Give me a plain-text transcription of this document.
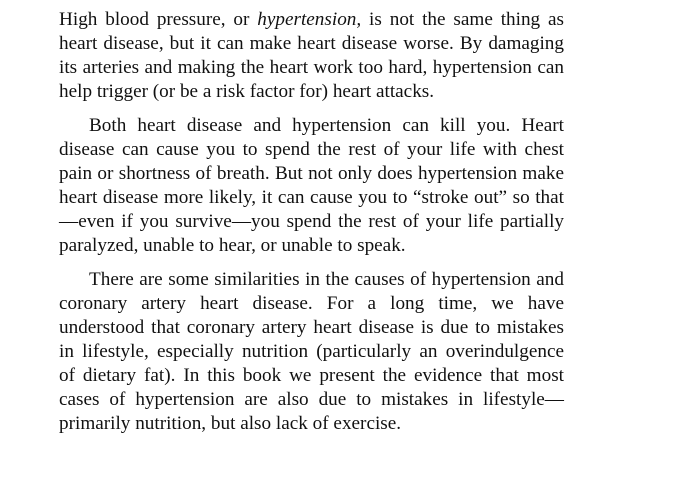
High blood pressure, or hypertension, is not the same thing as heart disease, but it can make heart disease worse. By damaging its arteries and making the heart work too hard, hypertension can help trigger (or be a risk factor for) heart attacks.

Both heart disease and hypertension can kill you. Heart disease can cause you to spend the rest of your life with chest pain or shortness of breath. But not only does hypertension make heart disease more likely, it can cause you to “stroke out” so that—even if you survive—you spend the rest of your life partially paralyzed, unable to hear, or unable to speak.

There are some similarities in the causes of hypertension and coronary artery heart disease. For a long time, we have understood that coronary artery heart disease is due to mistakes in lifestyle, especially nutrition (particularly an overindulgence of dietary fat). In this book we present the evidence that most cases of hypertension are also due to mistakes in lifestyle—primarily nutrition, but also lack of exercise.
